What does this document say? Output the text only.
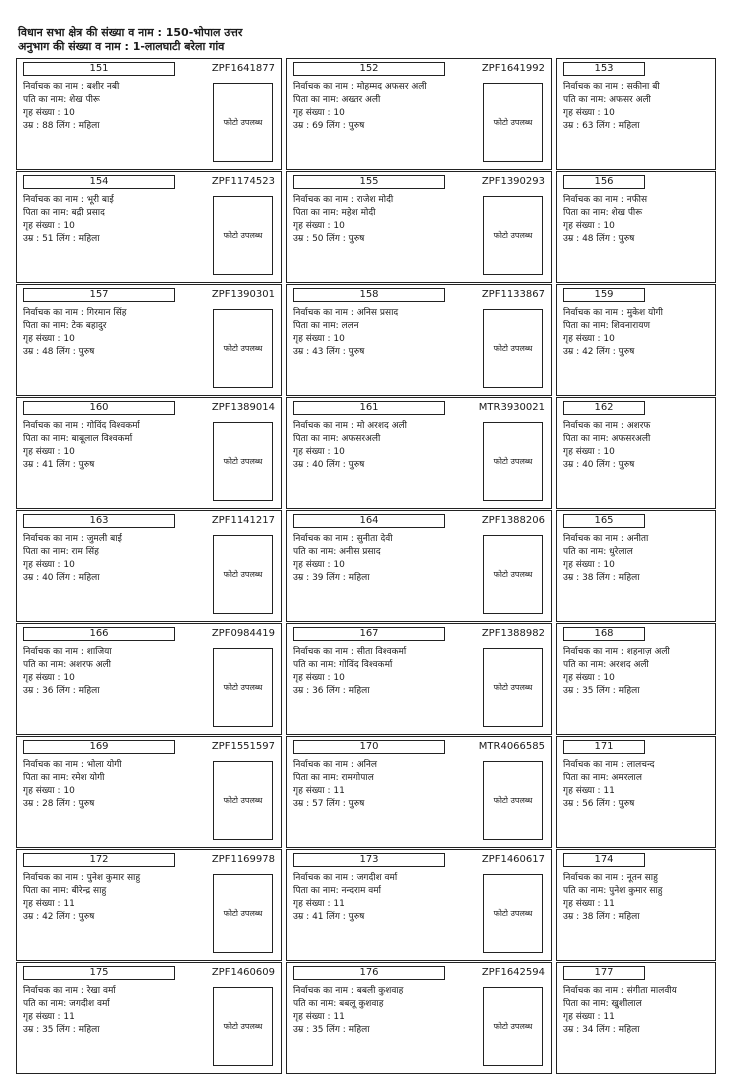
विधान सभा क्षेत्र की संख्या व नाम : 150-भोपाल उत्तर
अनुभाग की संख्या व नाम : 1-लालघाटी बरेला गांव
151	ZPF1641877
निर्वाचक का नाम : बशीर नबी
पति का नाम: शेख पीरू
गृह संख्या : 10
उम्र : 88 लिंग : महिला	फोटो उपलब्ध
152	ZPF1641992
निर्वाचक का नाम : मोहम्मद अफसर अली
पिता का नाम: अख्तर अली
गृह संख्या : 10
उम्र : 69 लिंग : पुरुष	फोटो उपलब्ध
153
निर्वाचक का नाम : सकीना बी
पति का नाम: अफसर अली
गृह संख्या : 10
उम्र : 63 लिंग : महिला
154	ZPF1174523
निर्वाचक का नाम : भूरी बाई
पिता का नाम: बद्री प्रसाद
गृह संख्या : 10
उम्र : 51 लिंग : महिला	फोटो उपलब्ध
155	ZPF1390293
निर्वाचक का नाम : राजेश मोदी
पिता का नाम: महेश मोदी
गृह संख्या : 10
उम्र : 50 लिंग : पुरुष	फोटो उपलब्ध
156
निर्वाचक का नाम : नफीस
पिता का नाम: शेख पीरू
गृह संख्या : 10
उम्र : 48 लिंग : पुरुष
157	ZPF1390301
निर्वाचक का नाम : गिरमान सिंह
पिता का नाम: टेक बहादुर
गृह संख्या : 10
उम्र : 48 लिंग : पुरुष	फोटो उपलब्ध
158	ZPF1133867
निर्वाचक का नाम : अनिस प्रसाद
पिता का नाम: ललन
गृह संख्या : 10
उम्र : 43 लिंग : पुरुष	फोटो उपलब्ध
159
निर्वाचक का नाम : मुकेश योगी
पिता का नाम: शिवनारायण
गृह संख्या : 10
उम्र : 42 लिंग : पुरुष
160	ZPF1389014
निर्वाचक का नाम : गोविंद विश्वकर्मा
पिता का नाम: बाबूलाल विश्वकर्मा
गृह संख्या : 10
उम्र : 41 लिंग : पुरुष	फोटो उपलब्ध
161	MTR3930021
निर्वाचक का नाम : मो अरशद अली
पिता का नाम: अफसरअली
गृह संख्या : 10
उम्र : 40 लिंग : पुरुष	फोटो उपलब्ध
162
निर्वाचक का नाम : अशरफ
पिता का नाम: अफसरअली
गृह संख्या : 10
उम्र : 40 लिंग : पुरुष
163	ZPF1141217
निर्वाचक का नाम : जुमली बाई
पिता का नाम: राम सिंह
गृह संख्या : 10
उम्र : 40 लिंग : महिला	फोटो उपलब्ध
164	ZPF1388206
निर्वाचक का नाम : सुनीता देवी
पति का नाम: अनीस प्रसाद
गृह संख्या : 10
उम्र : 39 लिंग : महिला	फोटो उपलब्ध
165
निर्वाचक का नाम : अनीता
पति का नाम: धुरेलाल
गृह संख्या : 10
उम्र : 38 लिंग : महिला
166	ZPF0984419
निर्वाचक का नाम : शाजिया
पति का नाम: अशरफ अली
गृह संख्या : 10
उम्र : 36 लिंग : महिला	फोटो उपलब्ध
167	ZPF1388982
निर्वाचक का नाम : सीता विश्वकर्मा
पति का नाम: गोविंद विश्वकर्मा
गृह संख्या : 10
उम्र : 36 लिंग : महिला	फोटो उपलब्ध
168
निर्वाचक का नाम : शहनाज़ अली
पति का नाम: अरशद अली
गृह संख्या : 10
उम्र : 35 लिंग : महिला
169	ZPF1551597
निर्वाचक का नाम : भोला योगी
पिता का नाम: रमेश योगी
गृह संख्या : 10
उम्र : 28 लिंग : पुरुष	फोटो उपलब्ध
170	MTR4066585
निर्वाचक का नाम : अनिल
पिता का नाम: रामगोपाल
गृह संख्या : 11
उम्र : 57 लिंग : पुरुष	फोटो उपलब्ध
171
निर्वाचक का नाम : लालचन्द
पिता का नाम: अमरलाल
गृह संख्या : 11
उम्र : 56 लिंग : पुरुष
172	ZPF1169978
निर्वाचक का नाम : पुनेश कुमार साहु
पिता का नाम: बीरेन्द्र साहु
गृह संख्या : 11
उम्र : 42 लिंग : पुरुष	फोटो उपलब्ध
173	ZPF1460617
निर्वाचक का नाम : जगदीश वर्मा
पिता का नाम: नन्दराम वर्मा
गृह संख्या : 11
उम्र : 41 लिंग : पुरुष	फोटो उपलब्ध
174
निर्वाचक का नाम : नूतन साहु
पति का नाम: पुनेश कुमार साहु
गृह संख्या : 11
उम्र : 38 लिंग : महिला
175	ZPF1460609
निर्वाचक का नाम : रेखा वर्मा
पति का नाम: जगदीश वर्मा
गृह संख्या : 11
उम्र : 35 लिंग : महिला	फोटो उपलब्ध
176	ZPF1642594
निर्वाचक का नाम : बबली कुशवाह
पति का नाम: बबलू कुशवाह
गृह संख्या : 11
उम्र : 35 लिंग : महिला	फोटो उपलब्ध
177
निर्वाचक का नाम : संगीता मालवीय
पिता का नाम: खुशीलाल
गृह संख्या : 11
उम्र : 34 लिंग : महिला
